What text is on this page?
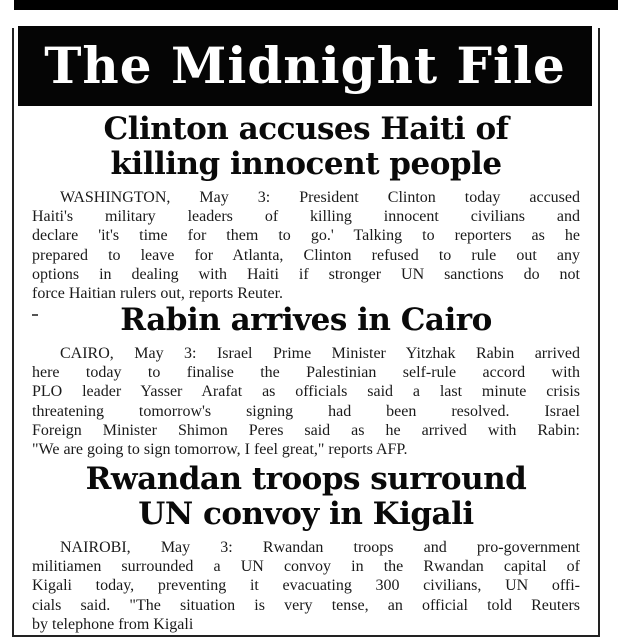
The Midnight File
Clinton accuses Haiti of
killing innocent people

WASHINGTON, May 3: President Clinton today accused
Haiti's military leaders of killing innocent civilians and
declare 'it's time for them to go.' Talking to reporters as he
prepared to leave for Atlanta, Clinton refused to rule out any
options in dealing with Haiti if stronger UN sanctions do not
force Haitian rulers out, reports Reuter.

Rabin arrives in Cairo

CAIRO, May 3: Israel Prime Minister Yitzhak Rabin arrived
here today to finalise the Palestinian self-rule accord with
PLO leader Yasser Arafat as officials said a last minute crisis
threatening tomorrow's signing had been resolved. Israel
Foreign Minister Shimon Peres said as he arrived with Rabin:
"We are going to sign tomorrow, I feel great," reports AFP.

Rwandan troops surround
UN convoy in Kigali

NAIROBI, May 3: Rwandan troops and pro-government
militiamen surrounded a UN convoy in the Rwandan capital of
Kigali today, preventing it evacuating 300 civilians, UN offi-
cials said. "The situation is very tense, an official told Reuters
by telephone from Kigali
